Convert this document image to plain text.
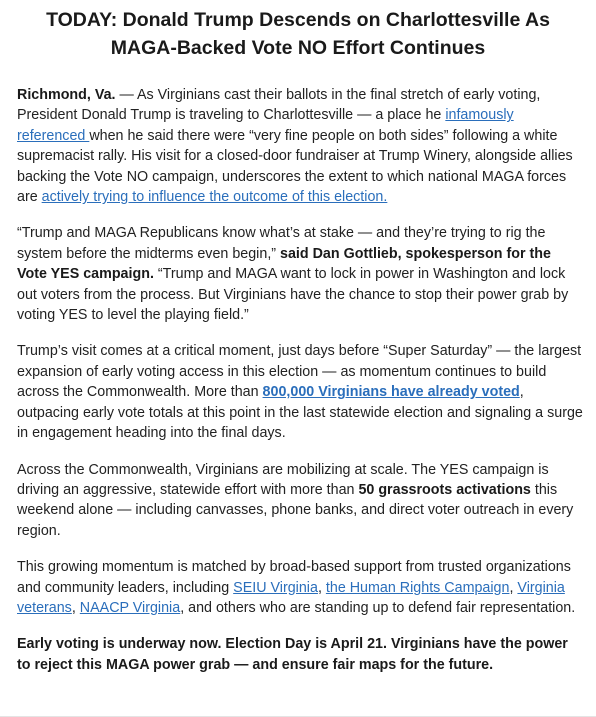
TODAY: Donald Trump Descends on Charlottesville As
MAGA-Backed Vote NO Effort Continues

Richmond, Va. — As Virginians cast their ballots in the final stretch of early voting, President Donald Trump is traveling to Charlottesville — a place he infamously referenced when he said there were “very fine people on both sides” following a white supremacist rally. His visit for a closed-door fundraiser at Trump Winery, alongside allies backing the Vote NO campaign, underscores the extent to which national MAGA forces are actively trying to influence the outcome of this election.

“Trump and MAGA Republicans know what’s at stake — and they’re trying to rig the system before the midterms even begin,” said Dan Gottlieb, spokesperson for the Vote YES campaign. “Trump and MAGA want to lock in power in Washington and lock out voters from the process. But Virginians have the chance to stop their power grab by voting YES to level the playing field.”

Trump’s visit comes at a critical moment, just days before “Super Saturday” — the largest expansion of early voting access in this election — as momentum continues to build across the Commonwealth. More than 800,000 Virginians have already voted, outpacing early vote totals at this point in the last statewide election and signaling a surge in engagement heading into the final days.

Across the Commonwealth, Virginians are mobilizing at scale. The YES campaign is driving an aggressive, statewide effort with more than 50 grassroots activations this weekend alone — including canvasses, phone banks, and direct voter outreach in every region.

This growing momentum is matched by broad-based support from trusted organizations and community leaders, including SEIU Virginia, the Human Rights Campaign, Virginia veterans, NAACP Virginia, and others who are standing up to defend fair representation.

Early voting is underway now. Election Day is April 21. Virginians have the power to reject this MAGA power grab — and ensure fair maps for the future.
